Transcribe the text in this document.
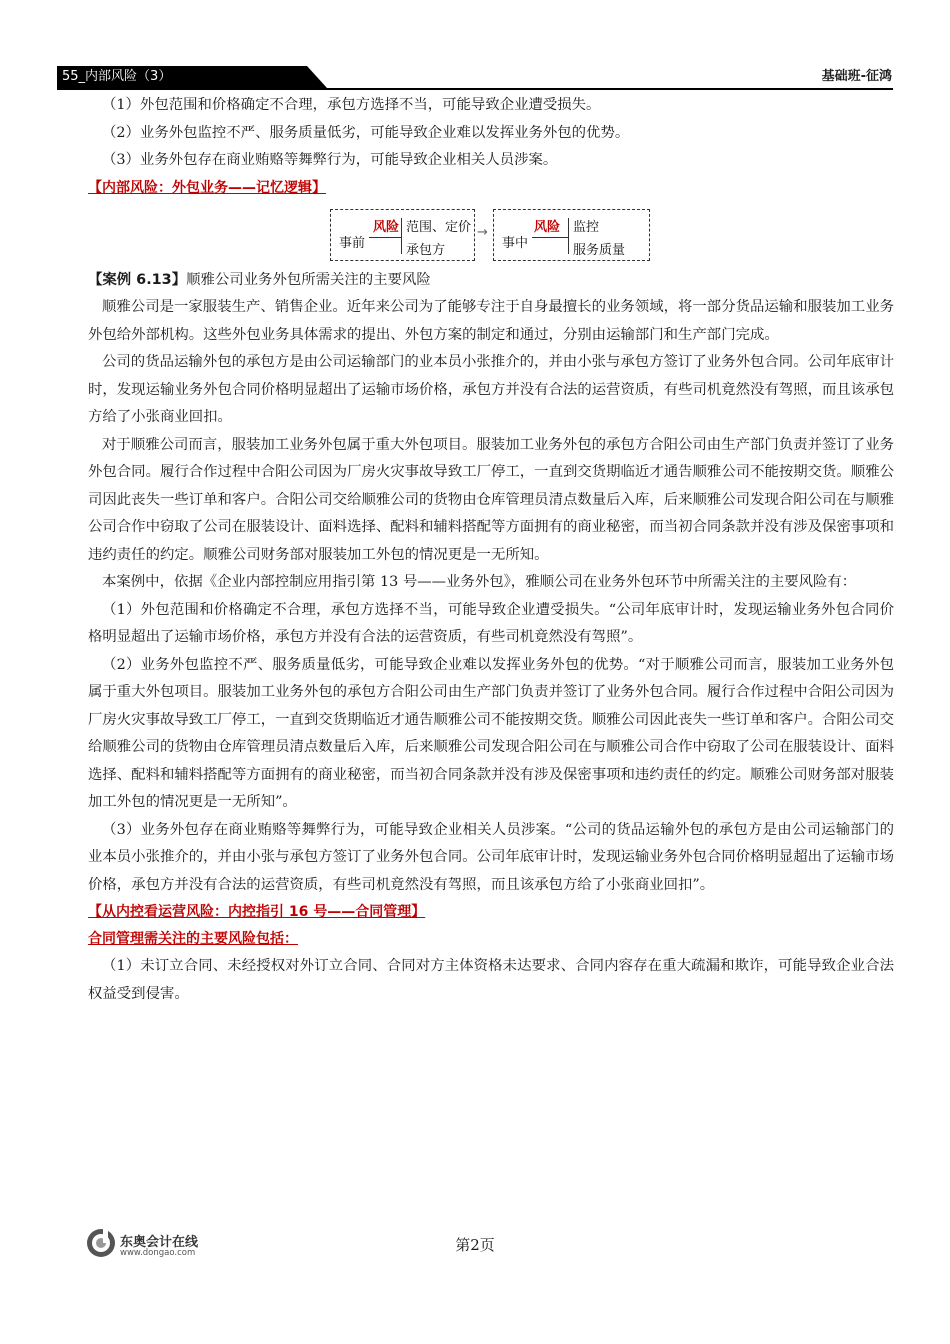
55_内部风险（3）	基础班-征鸿

（1）外包范围和价格确定不合理，承包方选择不当，可能导致企业遭受损失。

（2）业务外包监控不严、服务质量低劣，可能导致企业难以发挥业务外包的优势。

（3）业务外包存在商业贿赂等舞弊行为，可能导致企业相关人员涉案。

【内部风险：外包业务——记忆逻辑】
事前
风险 范围、定价
承包方
→
事中
风险 监控
服务质量
【案例 6.13】顺雅公司业务外包所需关注的主要风险

顺雅公司是一家服装生产、销售企业。近年来公司为了能够专注于自身最擅长的业务领域，将一部分货品运输和服装加工业务外包给外部机构。这些外包业务具体需求的提出、外包方案的制定和通过，分别由运输部门和生产部门完成。

公司的货品运输外包的承包方是由公司运输部门的业本员小张推介的，并由小张与承包方签订了业务外包合同。公司年底审计时，发现运输业务外包合同价格明显超出了运输市场价格，承包方并没有合法的运营资质，有些司机竟然没有驾照，而且该承包方给了小张商业回扣。

对于顺雅公司而言，服装加工业务外包属于重大外包项目。服装加工业务外包的承包方合阳公司由生产部门负责并签订了业务外包合同。履行合作过程中合阳公司因为厂房火灾事故导致工厂停工，一直到交货期临近才通告顺雅公司不能按期交货。顺雅公司因此丧失一些订单和客户。合阳公司交给顺雅公司的货物由仓库管理员清点数量后入库，后来顺雅公司发现合阳公司在与顺雅公司合作中窃取了公司在服装设计、面料选择、配料和辅料搭配等方面拥有的商业秘密，而当初合同条款并没有涉及保密事项和违约责任的约定。顺雅公司财务部对服装加工外包的情况更是一无所知。

本案例中，依据《企业内部控制应用指引第 13 号——业务外包》，雅顺公司在业务外包环节中所需关注的主要风险有：

（1）外包范围和价格确定不合理，承包方选择不当，可能导致企业遭受损失。“公司年底审计时，发现运输业务外包合同价格明显超出了运输市场价格，承包方并没有合法的运营资质，有些司机竟然没有驾照”。

（2）业务外包监控不严、服务质量低劣，可能导致企业难以发挥业务外包的优势。“对于顺雅公司而言，服装加工业务外包属于重大外包项目。服装加工业务外包的承包方合阳公司由生产部门负责并签订了业务外包合同。履行合作过程中合阳公司因为厂房火灾事故导致工厂停工，一直到交货期临近才通告顺雅公司不能按期交货。顺雅公司因此丧失一些订单和客户。合阳公司交给顺雅公司的货物由仓库管理员清点数量后入库，后来顺雅公司发现合阳公司在与顺雅公司合作中窃取了公司在服装设计、面料选择、配料和辅料搭配等方面拥有的商业秘密，而当初合同条款并没有涉及保密事项和违约责任的约定。顺雅公司财务部对服装加工外包的情况更是一无所知”。

（3）业务外包存在商业贿赂等舞弊行为，可能导致企业相关人员涉案。“公司的货品运输外包的承包方是由公司运输部门的业本员小张推介的，并由小张与承包方签订了业务外包合同。公司年底审计时，发现运输业务外包合同价格明显超出了运输市场价格，承包方并没有合法的运营资质，有些司机竟然没有驾照，而且该承包方给了小张商业回扣”。

【从内控看运营风险：内控指引 16 号——合同管理】
合同管理需关注的主要风险包括：

（1）未订立合同、未经授权对外订立合同、合同对方主体资格未达要求、合同内容存在重大疏漏和欺诈，可能导致企业合法权益受到侵害。

东奥会计在线
www.dongao.com	第2页
